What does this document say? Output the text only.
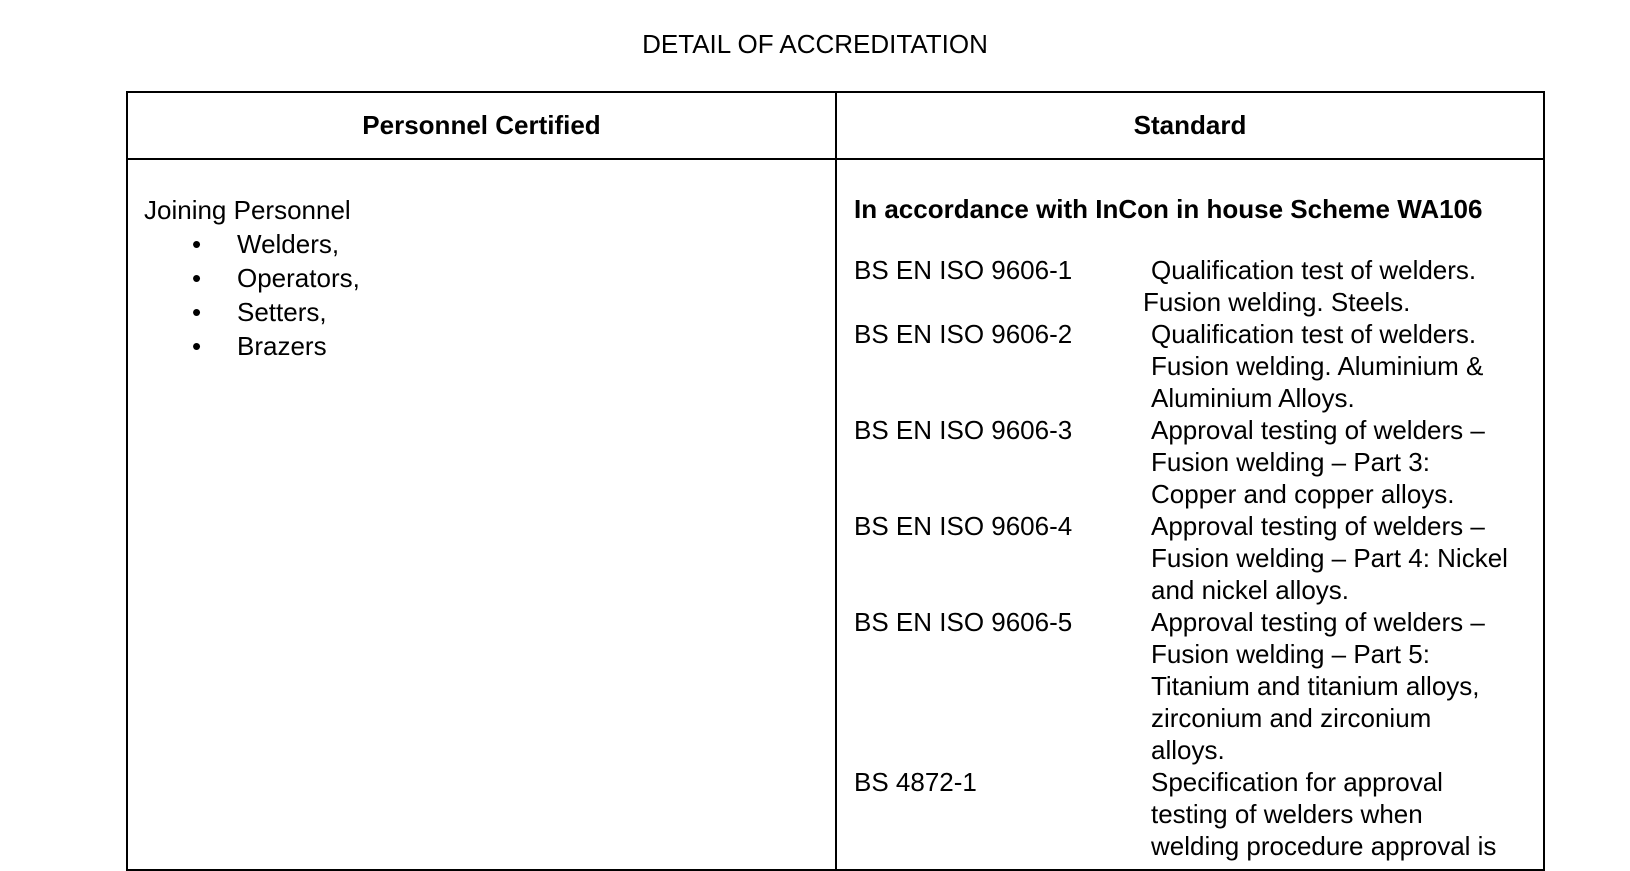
DETAIL OF ACCREDITATION
Personnel Certified	Standard
Joining Personnel
• Welders,
• Operators,
• Setters,
• Brazers
In accordance with InCon in house Scheme WA106
BS EN ISO 9606-1	Qualification test of welders.
Fusion welding. Steels.
BS EN ISO 9606-2	Qualification test of welders.
Fusion welding. Aluminium &
Aluminium Alloys.
BS EN ISO 9606-3	Approval testing of welders –
Fusion welding – Part 3:
Copper and copper alloys.
BS EN ISO 9606-4	Approval testing of welders –
Fusion welding – Part 4: Nickel
and nickel alloys.
BS EN ISO 9606-5	Approval testing of welders –
Fusion welding – Part 5:
Titanium and titanium alloys,
zirconium and zirconium
alloys.
BS 4872-1	Specification for approval
testing of welders when
welding procedure approval is
